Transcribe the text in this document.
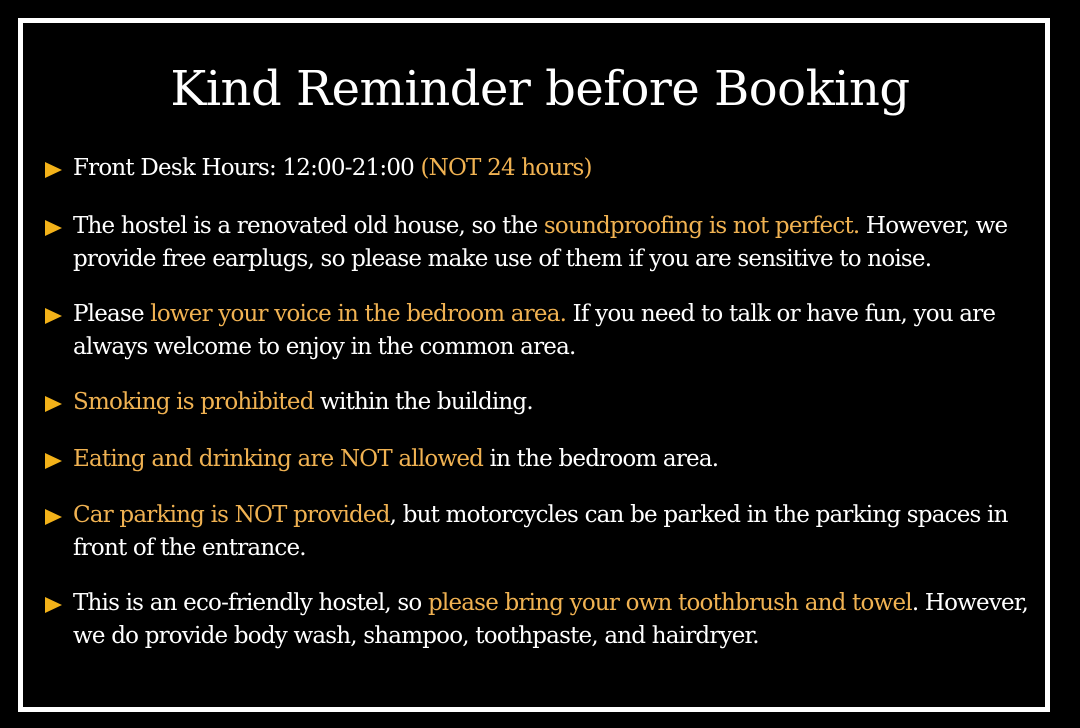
Kind Reminder before Booking
Front Desk Hours: 12:00-21:00 (NOT 24 hours)
The hostel is a renovated old house, so the soundproofing is not perfect. However, we provide free earplugs, so please make use of them if you are sensitive to noise.
Please lower your voice in the bedroom area. If you need to talk or have fun, you are always welcome to enjoy in the common area.
Smoking is prohibited within the building.
Eating and drinking are NOT allowed in the bedroom area.
Car parking is NOT provided, but motorcycles can be parked in the parking spaces in front of the entrance.
This is an eco-friendly hostel, so please bring your own toothbrush and towel. However, we do provide body wash, shampoo, toothpaste, and hairdryer.
